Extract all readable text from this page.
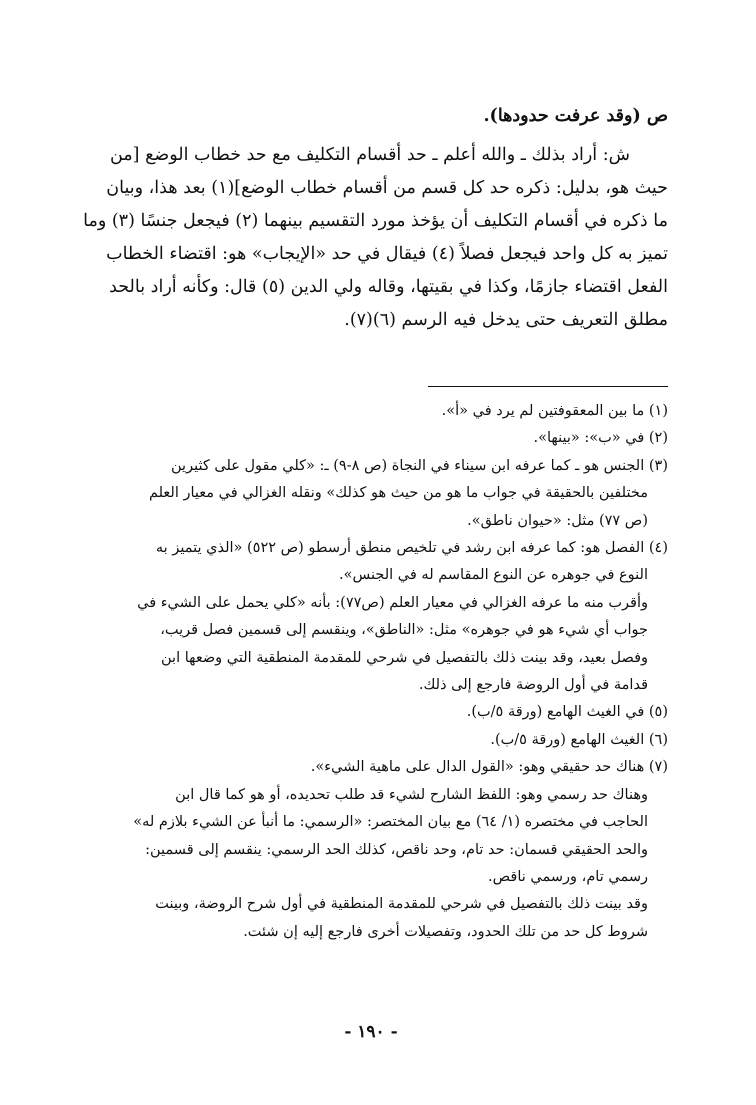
ص (وقد عرفت حدودها).

ش: أراد بذلك ـ والله أعلم ـ حد أقسام التكليف مع حد خطاب الوضع [من

حيث هو، بدليل: ذكره حد كل قسم من أقسام خطاب الوضع](١) بعد هذا، وبيان

ما ذكره في أقسام التكليف أن يؤخذ مورد التقسيم بينهما (٢) فيجعل جنسًا (٣) وما

تميز به كل واحد فيجعل فصلاً (٤) فيقال في حد «الإيجاب» هو: اقتضاء الخطاب

الفعل اقتضاء جازمًا، وكذا في بقيتها، وقاله ولي الدين (٥) قال: وكأنه أراد بالحد

مطلق التعريف حتى يدخل فيه الرسم (٦)(٧).

(١) ما بين المعقوفتين لم يرد في «أ».

(٢) في «ب»: «بينها».

(٣) الجنس هو ـ كما عرفه ابن سيناء في النجاة (ص ٨-٩) ـ: «كلي مقول على كثيرين

مختلفين بالحقيقة في جواب ما هو من حيث هو كذلك» ونقله الغزالي في معيار العلم

(ص ٧٧) مثل: «حيوان ناطق».

(٤) الفصل هو: كما عرفه ابن رشد في تلخيص منطق أرسطو (ص ٥٢٢) «الذي يتميز به

النوع في جوهره عن النوع المقاسم له في الجنس».

وأقرب منه ما عرفه الغزالي في معيار العلم (ص٧٧): بأنه «كلي يحمل على الشيء في

جواب أي شيء هو في جوهره» مثل: «الناطق»، وينقسم إلى قسمين فصل قريب،

وفصل بعيد، وقد بينت ذلك بالتفصيل في شرحي للمقدمة المنطقية التي وضعها ابن

قدامة في أول الروضة فارجع إلى ذلك.

(٥) في الغيث الهامع (ورقة ٥/ب).

(٦) الغيث الهامع (ورقة ٥/ب).

(٧) هناك حد حقيقي وهو: «القول الدال على ماهية الشيء».

وهناك حد رسمي وهو: اللفظ الشارح لشيء قد طلب تحديده، أو هو كما قال ابن

الحاجب في مختصره (١/ ٦٤) مع بيان المختصر: «الرسمي: ما أنبأ عن الشيء بلازم له»

والحد الحقيقي قسمان: حد تام، وحد ناقص، كذلك الحد الرسمي: ينقسم إلى قسمين:

رسمي تام، ورسمي ناقص.

وقد بينت ذلك بالتفصيل في شرحي للمقدمة المنطقية في أول شرح الروضة، وبينت

شروط كل حد من تلك الحدود، وتفصيلات أخرى فارجع إليه إن شئت.

- ١٩٠ -
